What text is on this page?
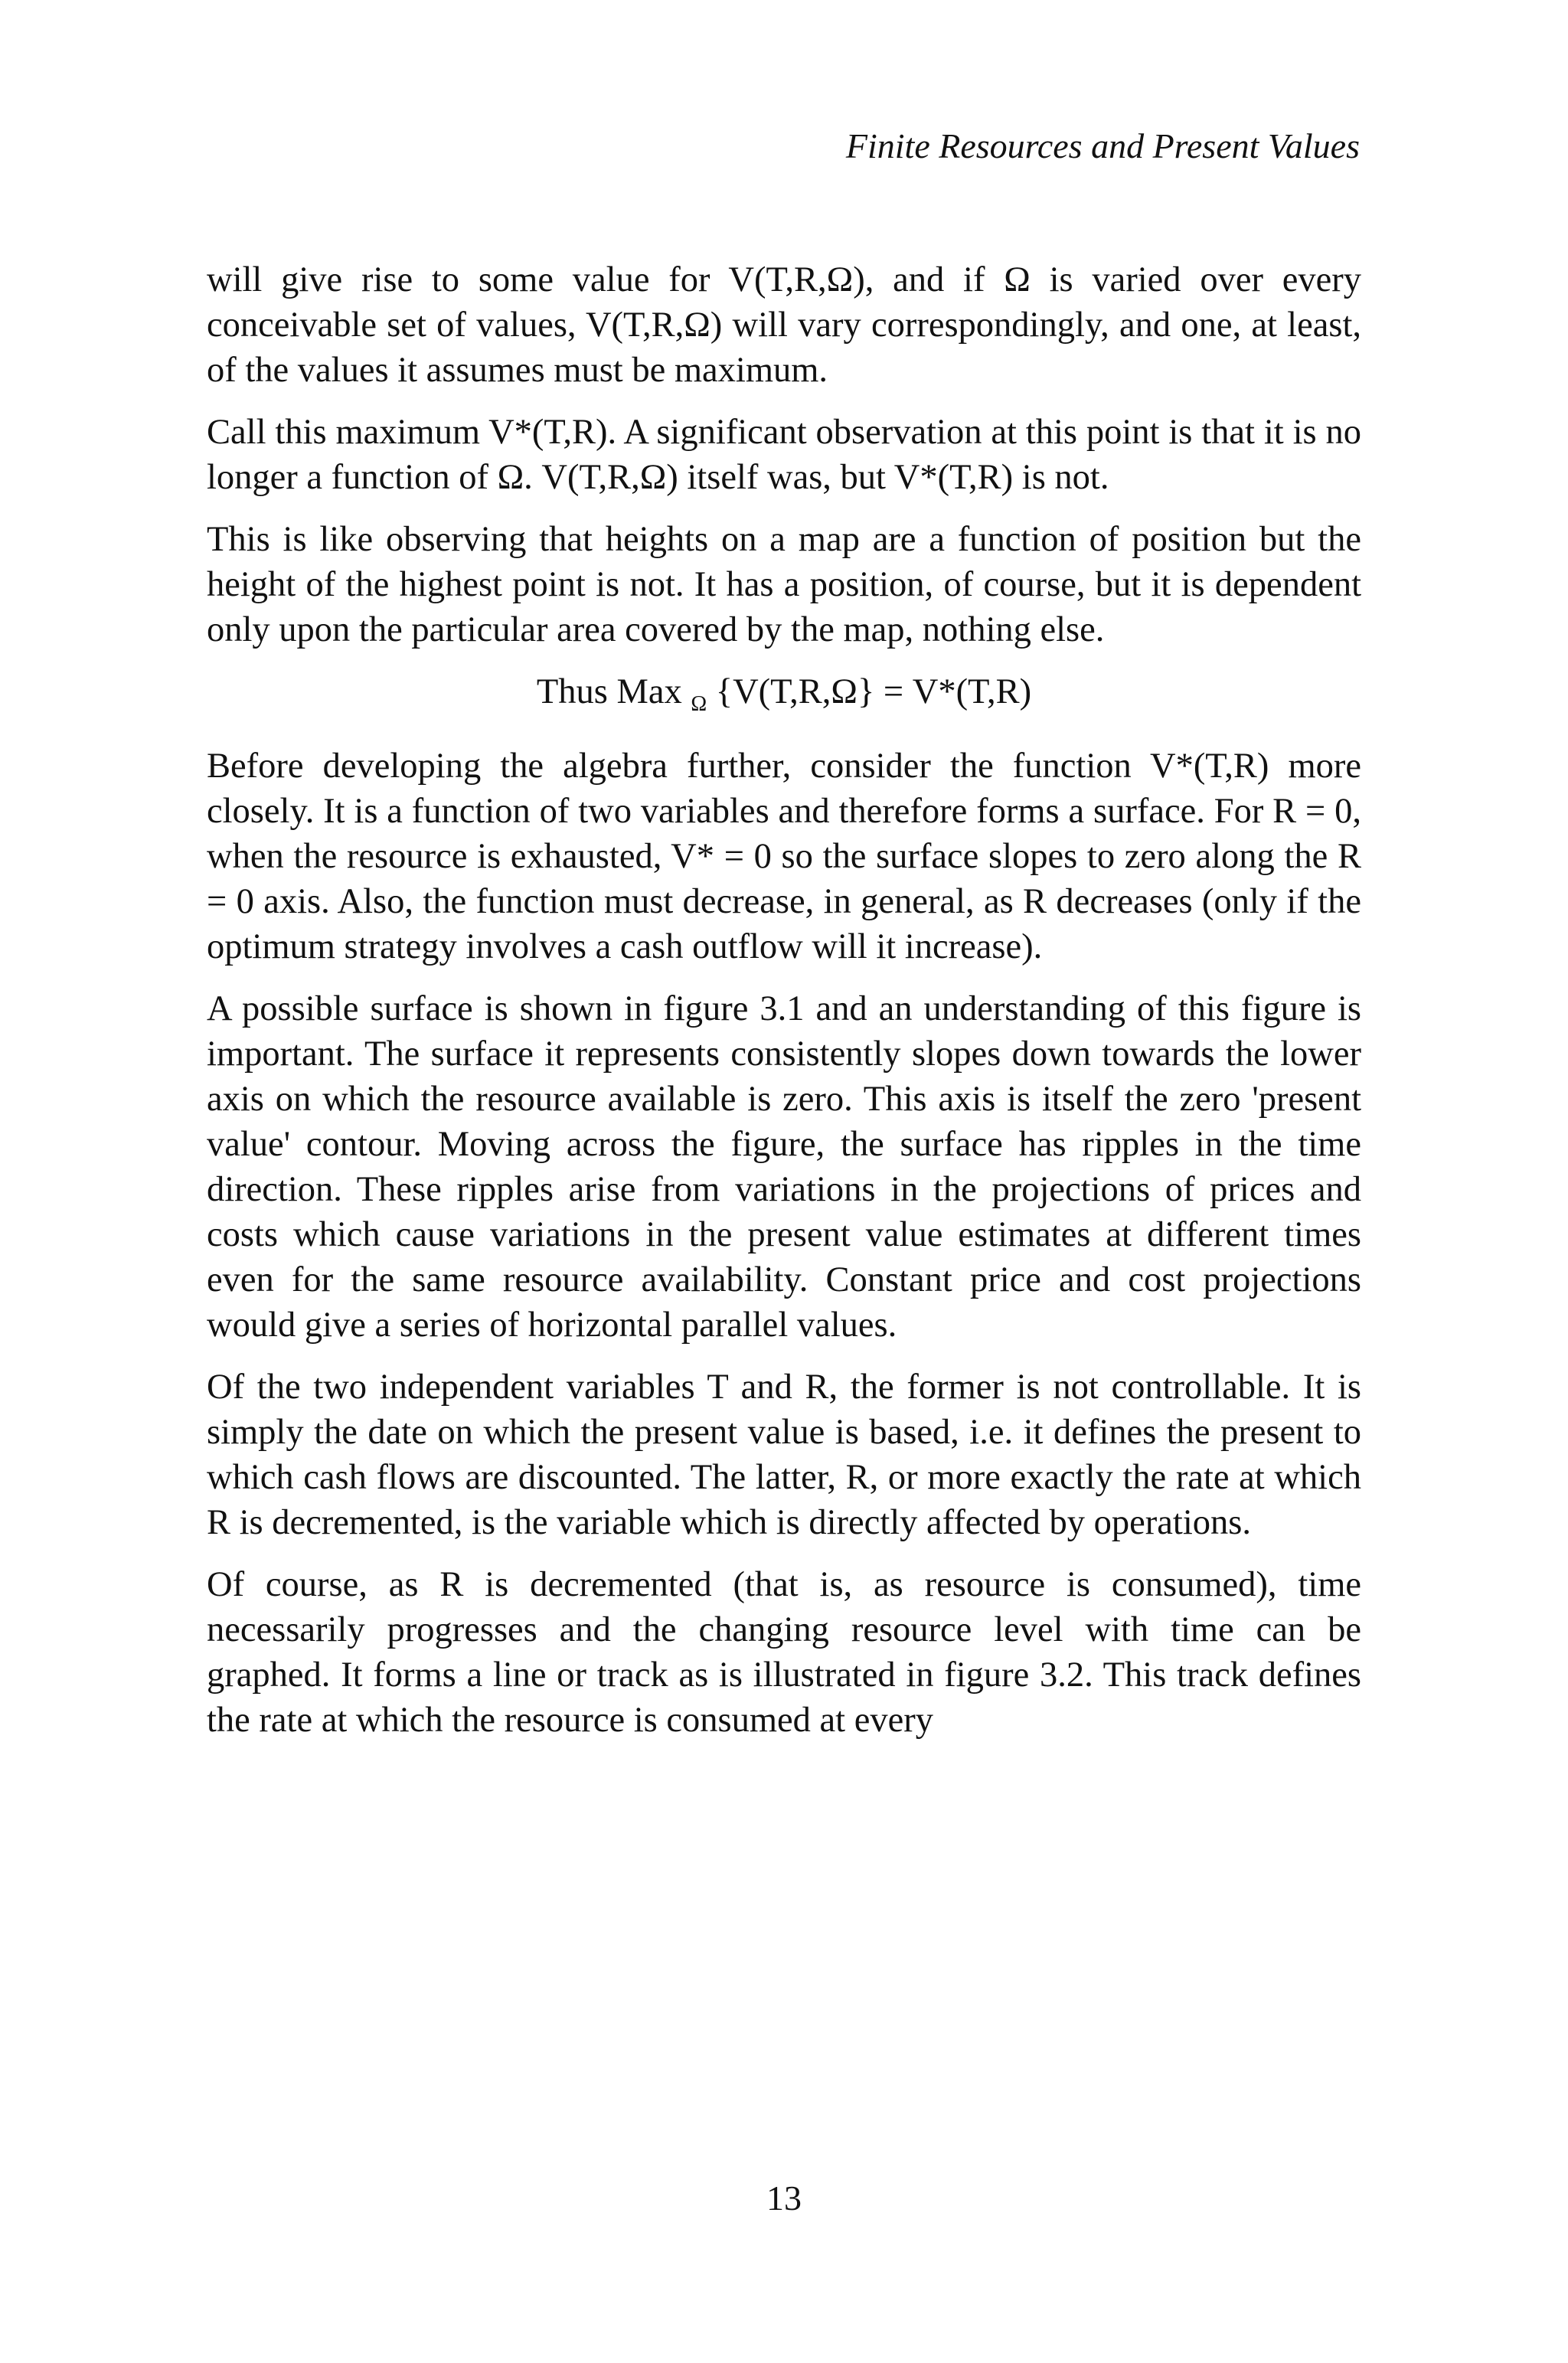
Finite Resources and Present Values

will give rise to some value for V(T,R,Ω), and if Ω is varied over every conceivable set of values, V(T,R,Ω) will vary correspondingly, and one, at least, of the values it assumes must be maximum.

Call this maximum V*(T,R). A significant observation at this point is that it is no longer a function of Ω. V(T,R,Ω) itself was, but V*(T,R) is not.

This is like observing that heights on a map are a function of position but the height of the highest point is not. It has a position, of course, but it is dependent only upon the particular area covered by the map, nothing else.

Thus Max $_\Omega$ {V(T,R,Ω} = V*(T,R)

Before developing the algebra further, consider the function V*(T,R) more closely. It is a function of two variables and therefore forms a surface. For R = 0, when the resource is exhausted, V* = 0 so the surface slopes to zero along the R = 0 axis. Also, the function must decrease, in general, as R decreases (only if the optimum strategy involves a cash outflow will it increase).

A possible surface is shown in figure 3.1 and an understanding of this figure is important. The surface it represents consistently slopes down towards the lower axis on which the resource available is zero. This axis is itself the zero 'present value' contour. Moving across the figure, the surface has ripples in the time direction. These ripples arise from variations in the projections of prices and costs which cause variations in the present value estimates at different times even for the same resource availability. Constant price and cost projections would give a series of horizontal parallel values.

Of the two independent variables T and R, the former is not controllable. It is simply the date on which the present value is based, i.e. it defines the present to which cash flows are discounted. The latter, R, or more exactly the rate at which R is decremented, is the variable which is directly affected by operations.

Of course, as R is decremented (that is, as resource is consumed), time necessarily progresses and the changing resource level with time can be graphed. It forms a line or track as is illustrated in figure 3.2. This track defines the rate at which the resource is consumed at every

13
